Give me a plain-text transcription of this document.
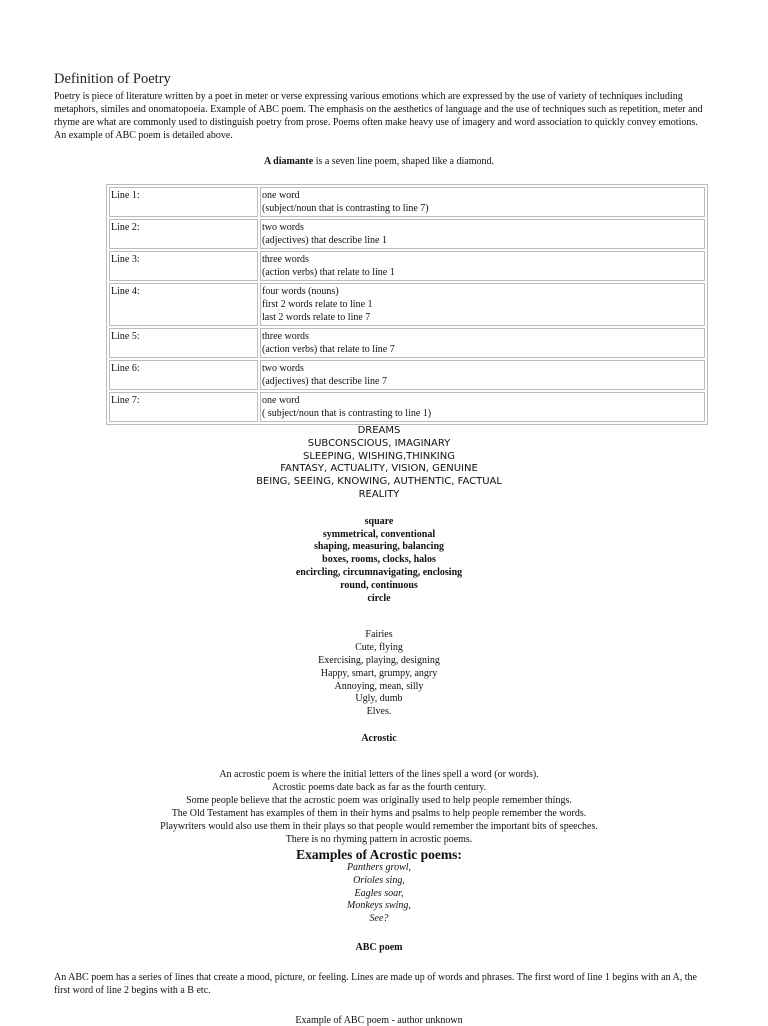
Definition of Poetry

Poetry is piece of literature written by a poet in meter or verse expressing various emotions which are expressed by the use of variety of techniques including metaphors, similes and onomatopoeia. Example of ABC poem. The emphasis on the aesthetics of language and the use of techniques such as repetition, meter and rhyme are what are commonly used to distinguish poetry from prose. Poems often make heavy use of imagery and word association to quickly convey emotions. An example of ABC poem is detailed above.

A diamante is a seven line poem, shaped like a diamond.

Line 1:	one word
(subject/noun that is contrasting to line 7)

Line 2:	two words
(adjectives) that describe line 1

Line 3:	three words
(action verbs) that relate to line 1

Line 4:	four words (nouns)
first 2 words relate to line 1
last 2 words relate to line 7

Line 5:	three words
(action verbs) that relate to line 7

Line 6:	two words
(adjectives) that describe line 7

Line 7:	one word
( subject/noun that is contrasting to line 1)
DREAMS
SUBCONSCIOUS, IMAGINARY
SLEEPING, WISHING,THINKING
FANTASY, ACTUALITY, VISION, GENUINE
BEING, SEEING, KNOWING, AUTHENTIC, FACTUAL
REALITY
square
symmetrical, conventional
shaping, measuring, balancing
boxes, rooms, clocks, halos
encircling, circumnavigating, enclosing
round, continuous
circle
Fairies
Cute, flying
Exercising, playing, designing
Happy, smart, grumpy, angry
Annoying, mean, silly
Ugly, dumb
Elves.
Acrostic
An acrostic poem is where the initial letters of the lines spell a word (or words).
Acrostic poems date back as far as the fourth century.
Some people believe that the acrostic poem was originally used to help people remember things.
The Old Testament has examples of them in their hyms and psalms to help people remember the words.
Playwriters would also use them in their plays so that people would remember the important bits of speeches.
There is no rhyming pattern in acrostic poems.
Examples of Acrostic poems:
Panthers growl,
Orioles sing,
Eagles soar,
Monkeys swing,
See?
ABC poem

An ABC poem has a series of lines that create a mood, picture, or feeling. Lines are made up of words and phrases. The first word of line 1 begins with an A, the first word of line 2 begins with a B etc.

Example of ABC poem - author unknown
